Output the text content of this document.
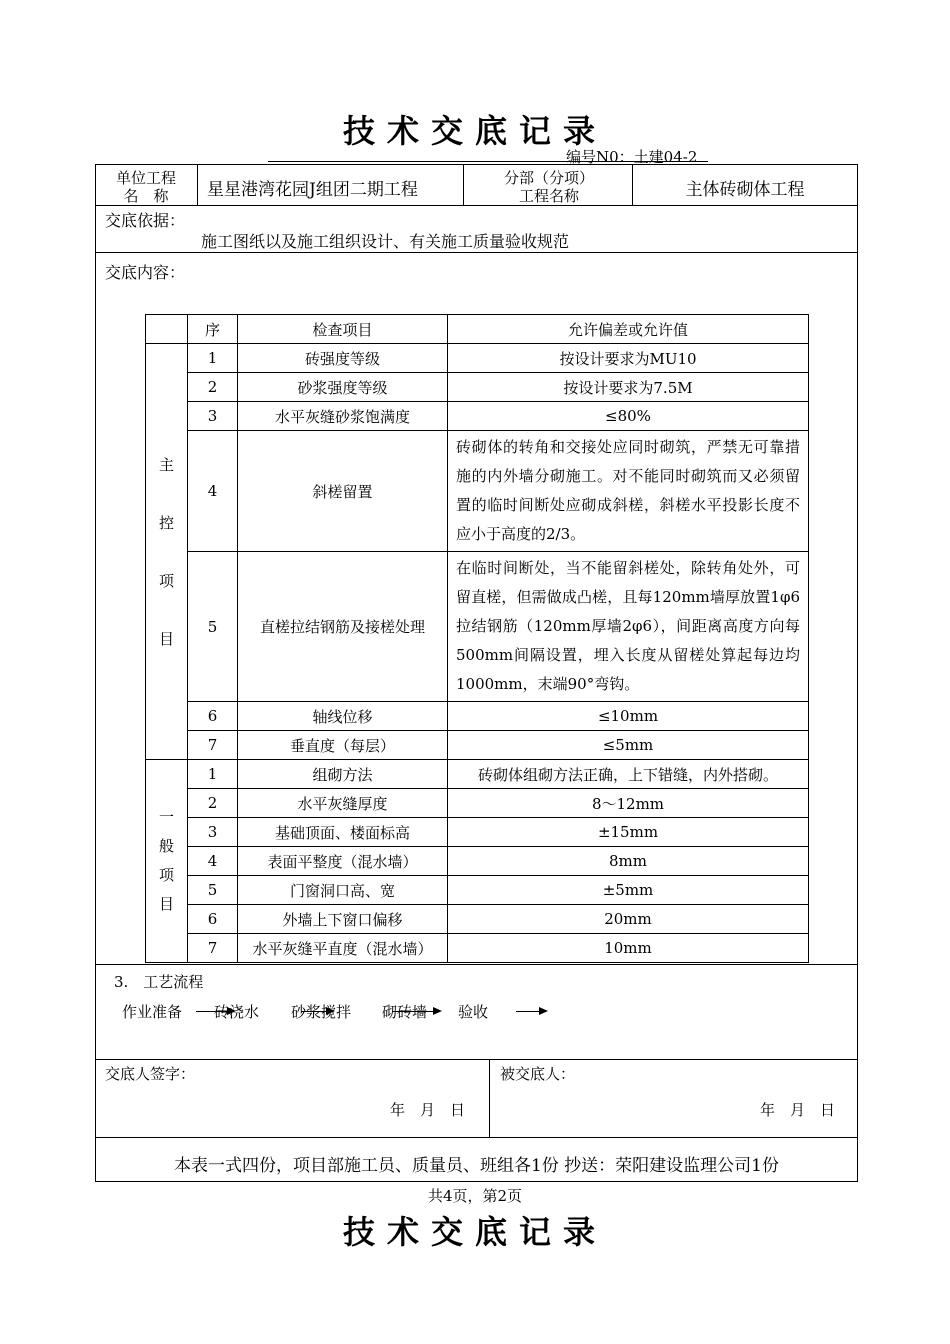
技术交底记录
编号N0：土建04-2
单位工程
名　称	星星港湾花园J组团二期工程
分部（分项）
工程名称	主体砖砌体工程
交底依据：
施工图纸以及施工组织设计、有关施工质量验收规范
交底内容：
3.　工艺流程
作业准备 砖浇水 砂浆搅拌 砌砖墙 验收
交底人签字：
年　月　日
被交底人：
年　月　日
本表一式四份，项目部施工员、质量员、班组各1份 抄送：荣阳建设监理公司1份
	序	检查项目	允许偏差或允许值
主控项目	1	砖强度等级	按设计要求为MU10
	2	砂浆强度等级	按设计要求为7.5M
	3	水平灰缝砂浆饱满度	≤80%
	4	斜槎留置	砖砌体的转角和交接处应同时砌筑，严禁无可靠措施的内外墙分砌施工。对不能同时砌筑而又必须留置的临时间断处应砌成斜槎，斜槎水平投影长度不应小于高度的2/3。
	5	直槎拉结钢筋及接槎处理	在临时间断处，当不能留斜槎处，除转角处外，可留直槎，但需做成凸槎，且每120mm墙厚放置1φ6拉结钢筋（120mm厚墙2φ6），间距离高度方向每500mm间隔设置，埋入长度从留槎处算起每边均1000mm，末端90°弯钩。
	6	轴线位移	≤10mm
	7	垂直度（每层）	≤5mm
一般项目	1	组砌方法	砖砌体组砌方法正确，上下错缝，内外搭砌。
	2	水平灰缝厚度	8～12mm
	3	基础顶面、楼面标高	±15mm
	4	表面平整度（混水墙）	8mm
	5	门窗洞口高、宽	±5mm
	6	外墙上下窗口偏移	20mm
	7	水平灰缝平直度（混水墙）	10mm
共4页，第2页
技术交底记录
